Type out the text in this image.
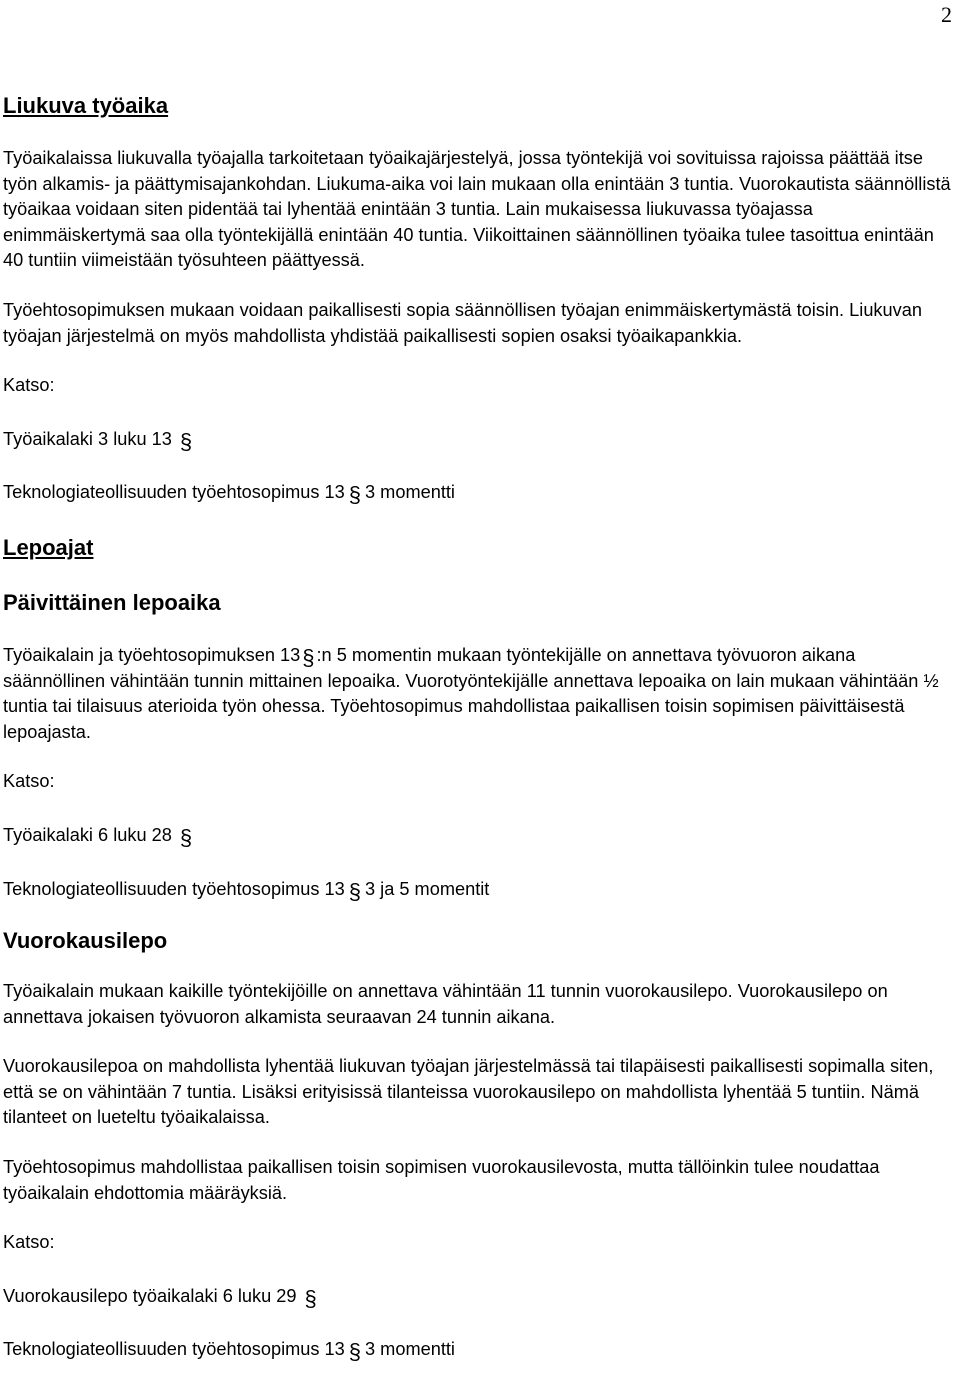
2
Liukuva työaika

Työaikalaissa liukuvalla työajalla tarkoitetaan työaikajärjestelyä, jossa työntekijä voi sovituissa rajoissa päättää itse työn alkamis- ja päättymisajankohdan. Liukuma-aika voi lain mukaan olla enintään 3 tuntia. Vuorokautista säännöllistä työaikaa voidaan siten pidentää tai lyhentää enintään 3 tuntia. Lain mukaisessa liukuvassa työajassa enimmäiskertymä saa olla työntekijällä enintään 40 tuntia. Viikoittainen säännöllinen työaika tulee tasoittua enintään 40 tuntiin viimeistään työsuhteen päättyessä.

Työehtosopimuksen mukaan voidaan paikallisesti sopia säännöllisen työajan enimmäiskertymästä toisin. Liukuvan työajan järjestelmä on myös mahdollista yhdistää paikallisesti sopien osaksi työaikapankkia.

Katso:
Työaikalaki 3 luku 13 §
Teknologiateollisuuden työehtosopimus 13 § 3 momentti
Lepoajat
Päivittäinen lepoaika

Työaikalain ja työehtosopimuksen 13§ :n 5 momentin mukaan työntekijälle on annettava työvuoron aikana säännöllinen vähintään tunnin mittainen lepoaika. Vuorotyöntekijälle annettava lepoaika on lain mukaan vähintään ½ tuntia tai tilaisuus aterioida työn ohessa. Työehtosopimus mahdollistaa paikallisen toisin sopimisen päivittäisestä lepoajasta.

Katso:
Työaikalaki 6 luku 28 §
Teknologiateollisuuden työehtosopimus 13 § 3 ja 5 momentit
Vuorokausilepo

Työaikalain mukaan kaikille työntekijöille on annettava vähintään 11 tunnin vuorokausilepo. Vuorokausilepo on annettava jokaisen työvuoron alkamista seuraavan 24 tunnin aikana.

Vuorokausilepoa on mahdollista lyhentää liukuvan työajan järjestelmässä tai tilapäisesti paikallisesti sopimalla siten, että se on vähintään 7 tuntia. Lisäksi erityisissä tilanteissa vuorokausilepo on mahdollista lyhentää 5 tuntiin. Nämä tilanteet on lueteltu työaikalaissa.

Työehtosopimus mahdollistaa paikallisen toisin sopimisen vuorokausilevosta, mutta tällöinkin tulee noudattaa työaikalain ehdottomia määräyksiä.

Katso:
Vuorokausilepo työaikalaki 6 luku 29 §
Teknologiateollisuuden työehtosopimus 13 § 3 momentti
